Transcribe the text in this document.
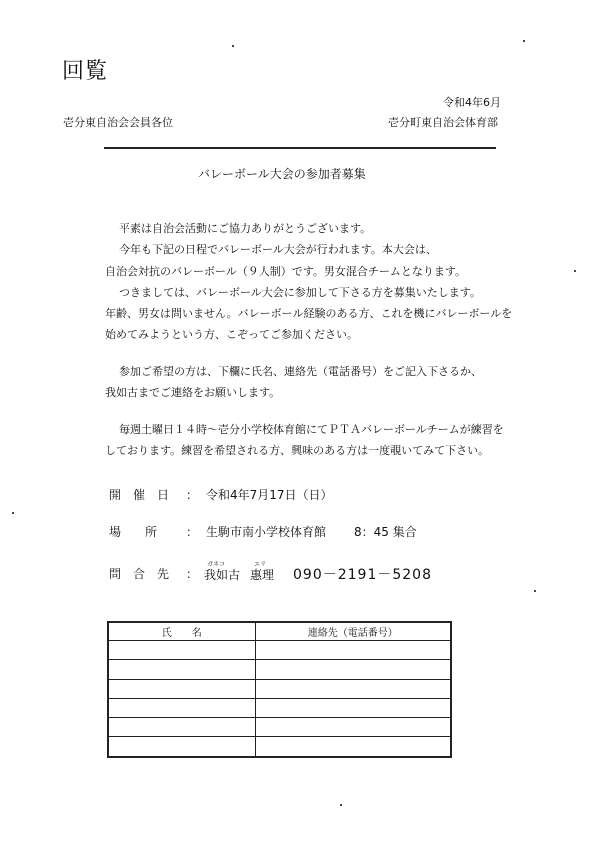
回覧
令和4年6月
壱分東自治会会員各位	壱分町東自治会体育部
バレーボール大会の参加者募集
平素は自治会活動にご協力ありがとうございます。
今年も下記の日程でバレーボール大会が行われます。本大会は、
自治会対抗のバレーボール（９人制）です。男女混合チームとなります。
つきましては、バレーボール大会に参加して下さる方を募集いたします。
年齢、男女は問いません。バレーボール経験のある方、これを機にバレーボールを
始めてみようという方、こぞってご参加ください。
参加ご希望の方は、下欄に氏名、連絡先（電話番号）をご記入下さるか、
我如古までご連絡をお願いします。
毎週土曜日１４時～壱分小学校体育館にてＰＴＡバレーボールチームが練習を
しております。練習を希望される方、興味のある方は一度覗いてみて下さい。
開　催　日 ： 令和4年7月17日（日）
場　　所 ： 生駒市南小学校体育館 8：45 集合
問　合　先 ：
ガネコ
我如古
エリ
惠理 090－2191－5208
氏　　名	連絡先（電話番号）
